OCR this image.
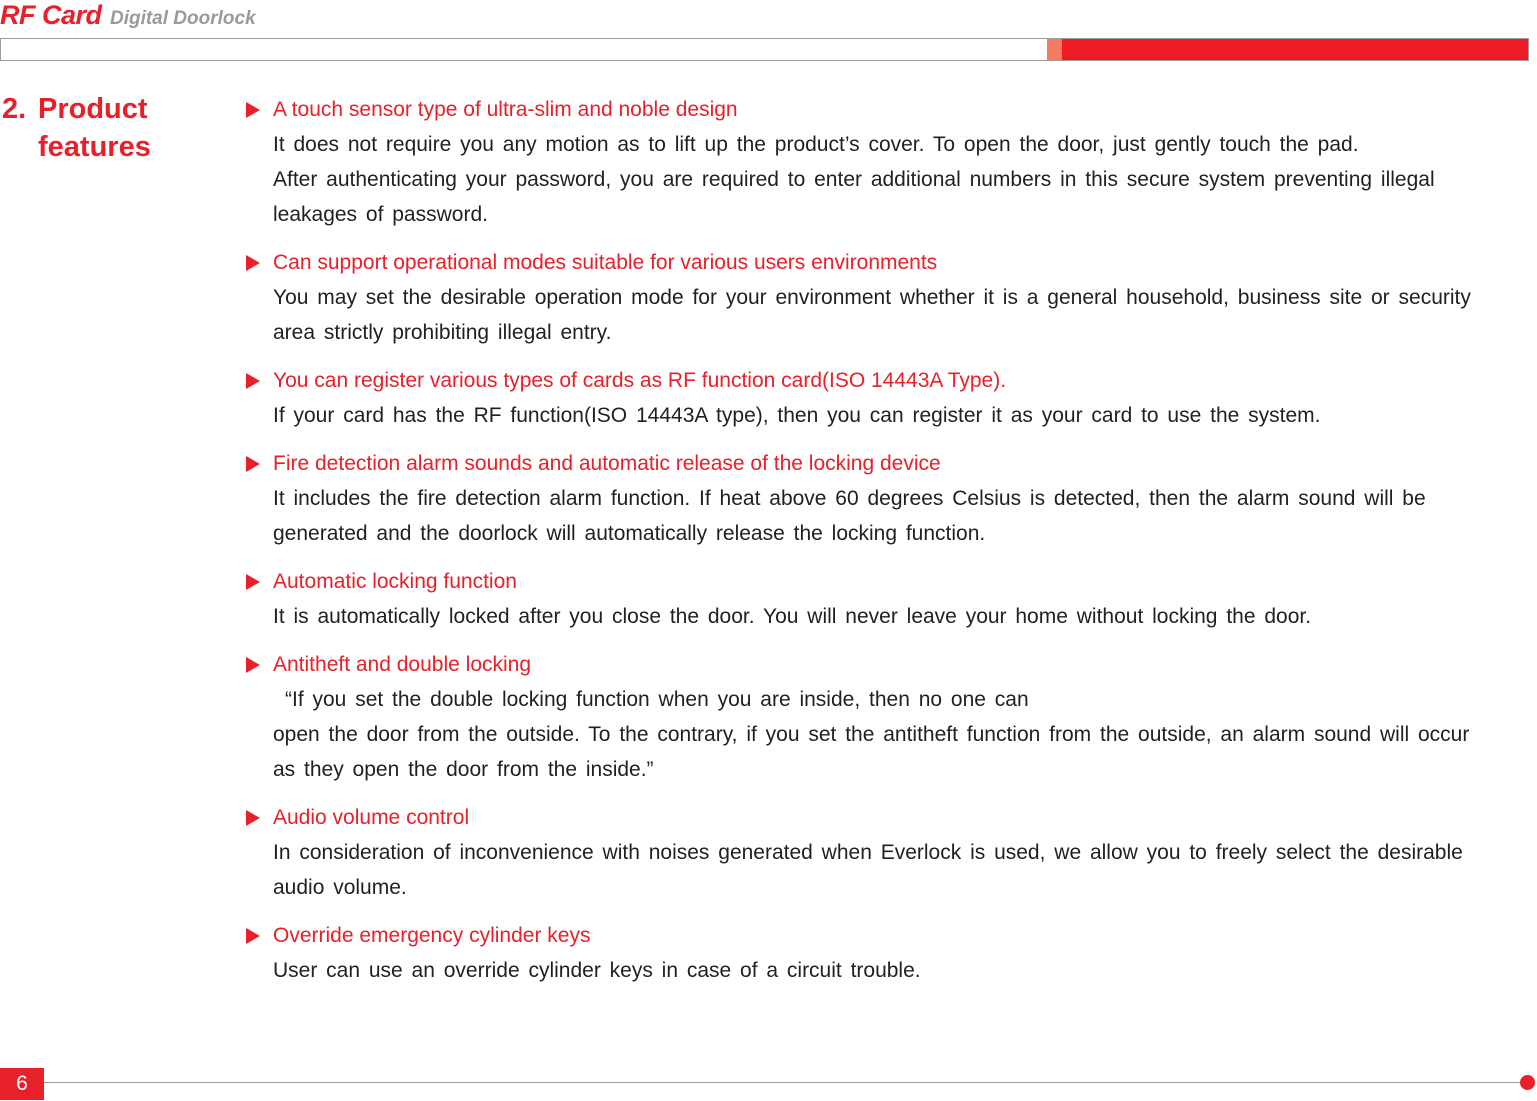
RF Card Digital Doorlock
2. Product
features
A touch sensor type of ultra-slim and noble design

It does not require you any motion as to lift up the product’s cover. To open the door, just gently touch the pad.

After authenticating your password, you are required to enter additional numbers in this secure system preventing illegal

leakages of password.

Can support operational modes suitable for various users environments

You may set the desirable operation mode for your environment whether it is a general household, business site or security

area strictly prohibiting illegal entry.

You can register various types of cards as RF function card(ISO 14443A Type).

If your card has the RF function(ISO 14443A type), then you can register it as your card to use the system.

Fire detection alarm sounds and automatic release of the locking device

It includes the fire detection alarm function. If heat above 60 degrees Celsius is detected, then the alarm sound will be

generated and the doorlock will automatically release the locking function.

Automatic locking function

It is automatically locked after you close the door. You will never leave your home without locking the door.

Antitheft and double locking

“If you set the double locking function when you are inside, then no one can

open the door from the outside. To the contrary, if you set the antitheft function from the outside, an alarm sound will occur

as they open the door from the inside.”

Audio volume control

In consideration of inconvenience with noises generated when Everlock is used, we allow you to freely select the desirable

audio volume.

Override emergency cylinder keys

User can use an override cylinder keys in case of a circuit trouble.

6
